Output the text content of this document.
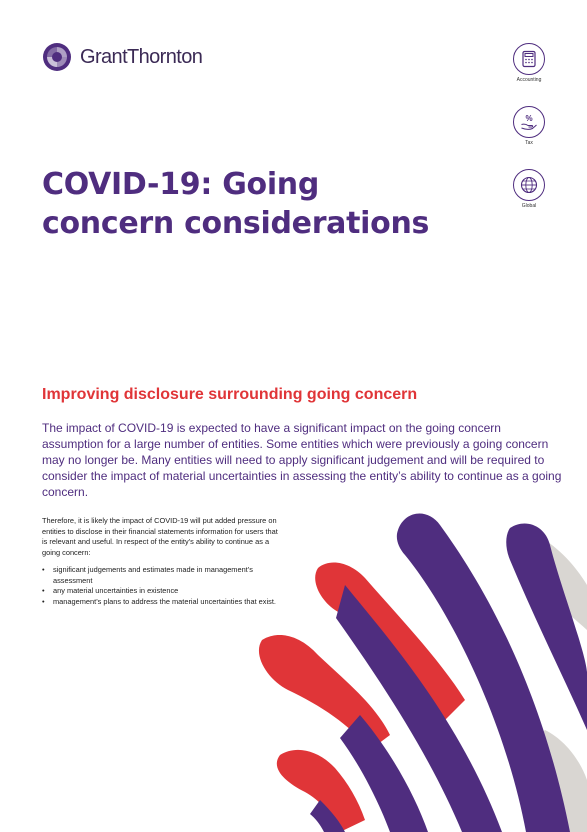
GrantThornton
Accounting
%
Tax
Global
COVID-19: Going
concern considerations
Improving disclosure surrounding going concern

The impact of COVID-19 is expected to have a significant impact on the going concern assumption for a large number of entities. Some entities which were previously a going concern may no longer be. Many entities will need to apply significant judgement and will be required to consider the impact of material uncertainties in assessing the entity’s ability to continue as a going concern.

Therefore, it is likely the impact of COVID-19 will put added pressure on entities to disclose in their financial statements information for users that is relevant and useful. In respect of the entity’s ability to continue as a going concern:

• significant judgements and estimates made in management’s assessment
• any material uncertainties in existence
• management’s plans to address the material uncertainties that exist.
